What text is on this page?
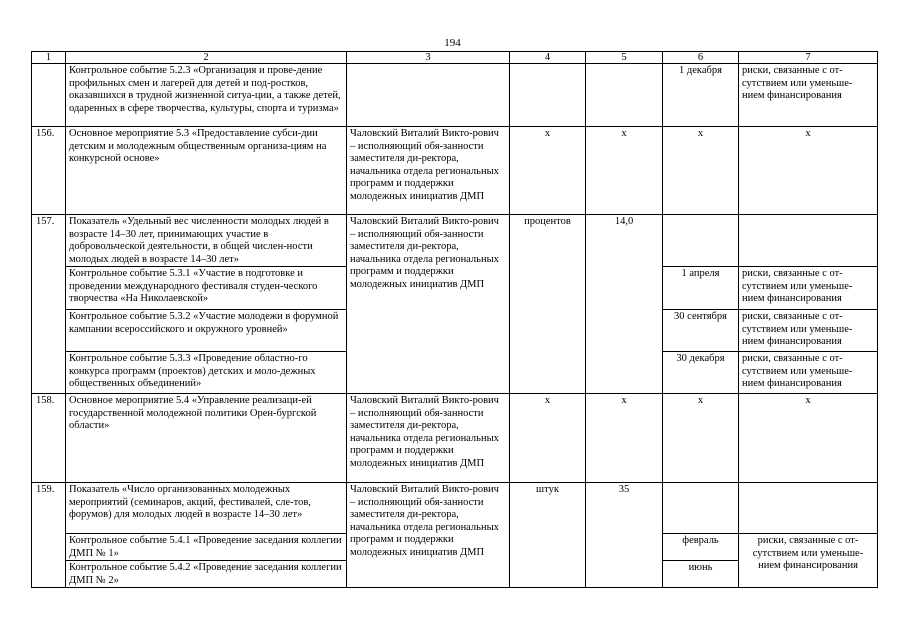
194
1	2	3	4	5	6	7
	Контрольное событие 5.2.3 «Организация и прове-дение профильных смен и лагерей для детей и под-ростков, оказавшихся в трудной жизненной ситуа-ции, а также детей, одаренных в сфере творчества, культуры, спорта и туризма»				1 декабря	риски, связанные с от-сутствием или уменьше-нием финансирования
156.	Основное мероприятие 5.3 «Предоставление субси-дии детским и молодежным общественным организа-циям на конкурсной основе»	Чаловский Виталий Викто-рович – исполняющий обя-занности заместителя ди-ректора, начальника отдела региональных программ и поддержки молодежных инициатив ДМП	x	x	x	x
157.	Показатель «Удельный вес численности молодых людей в возрасте 14–30 лет, принимающих участие в добровольческой деятельности, в общей числен-ности молодых людей в возрасте 14–30 лет»	Чаловский Виталий Викто-рович – исполняющий обя-занности заместителя ди-ректора, начальника отдела региональных программ и поддержки молодежных инициатив ДМП	процентов	14,0		
	Контрольное событие 5.3.1 «Участие в подготовке и проведении международного фестиваля студен-ческого творчества «На Николаевской»				1 апреля	риски, связанные с от-сутствием или уменьше-нием финансирования
	Контрольное событие 5.3.2 «Участие молодежи в форумной кампании всероссийского и окружного уровней»				30 сентября	риски, связанные с от-сутствием или уменьше-нием финансирования
	Контрольное событие 5.3.3 «Проведение областно-го конкурса программ (проектов) детских и моло-дежных общественных объединений»				30 декабря	риски, связанные с от-сутствием или уменьше-нием финансирования
158.	Основное мероприятие 5.4 «Управление реализаци-ей государственной молодежной политики Орен-бургской области»	Чаловский Виталий Викто-рович – исполняющий обя-занности заместителя ди-ректора, начальника отдела региональных программ и поддержки молодежных инициатив ДМП	x	x	x	x
159.	Показатель «Число организованных молодежных мероприятий (семинаров, акций, фестивалей, сле-тов, форумов) для молодых людей в возрасте 14–30 лет»	Чаловский Виталий Викто-рович – исполняющий обя-занности заместителя ди-ректора, начальника отдела региональных программ и поддержки молодежных инициатив ДМП	штук	35		
	Контрольное событие 5.4.1 «Проведение заседания коллегии ДМП № 1»				февраль	риски, связанные с от-сутствием или уменьше-нием финансирования
	Контрольное событие 5.4.2 «Проведение заседания коллегии ДМП № 2»				июнь	
